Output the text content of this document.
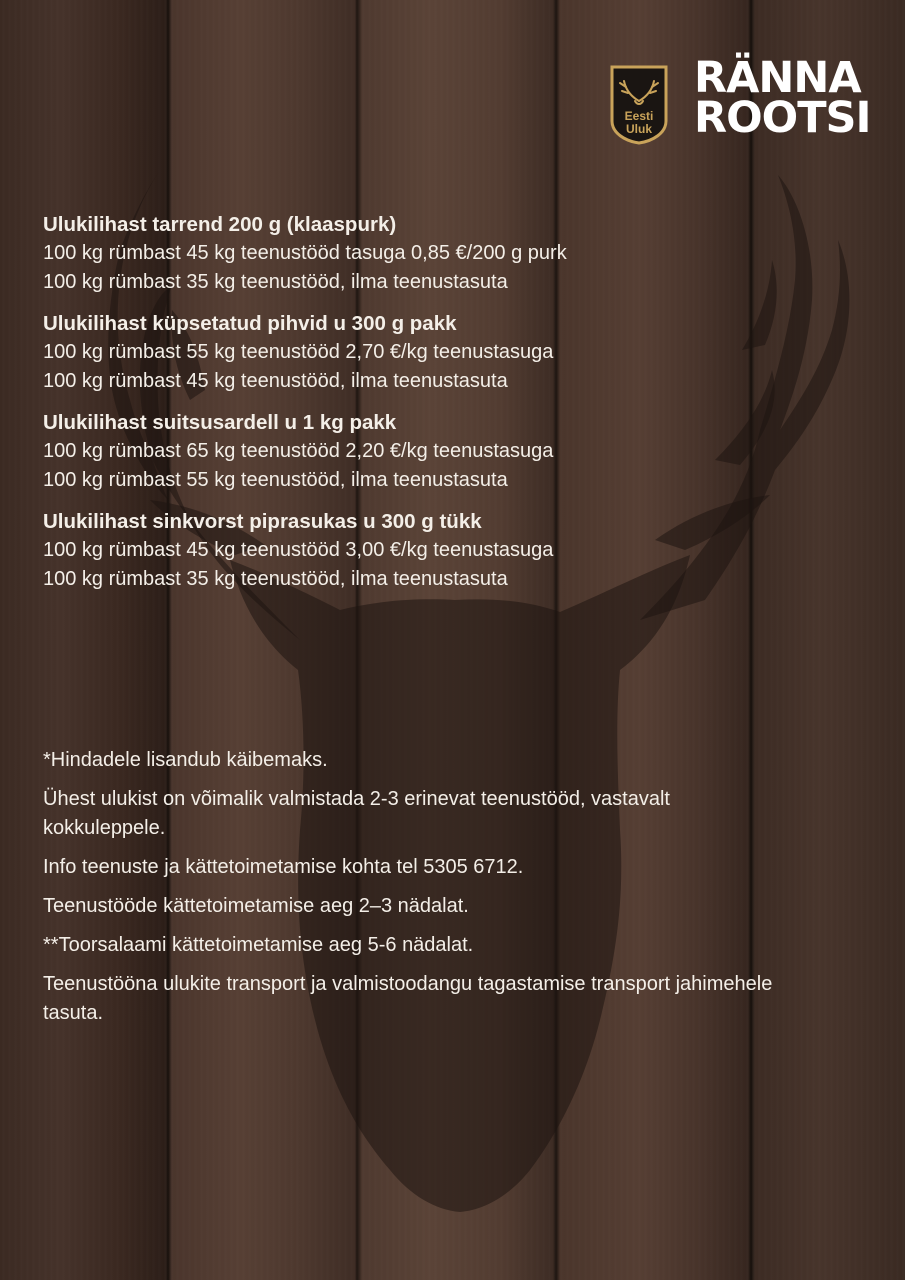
Eesti
Uluk
RÄNNA
ROOTSI
Ulukilihast tarrend 200 g (klaaspurk)
100 kg rümbast 45 kg teenustööd tasuga 0,85 €/200 g purk
100 kg rümbast 35 kg teenustööd, ilma teenustasuta
Ulukilihast küpsetatud pihvid u 300 g pakk
100 kg rümbast 55 kg teenustööd 2,70 €/kg teenustasuga
100 kg rümbast 45 kg teenustööd, ilma teenustasuta
Ulukilihast suitsusardell u 1 kg pakk
100 kg rümbast 65 kg teenustööd 2,20 €/kg teenustasuga
100 kg rümbast 55 kg teenustööd, ilma teenustasuta
Ulukilihast sinkvorst piprasukas u 300 g tükk
100 kg rümbast 45 kg teenustööd 3,00 €/kg teenustasuga
100 kg rümbast 35 kg teenustööd, ilma teenustasuta
*Hindadele lisandub käibemaks.
Ühest ulukist on võimalik valmistada 2-3 erinevat teenustööd, vastavalt kokkuleppele.
Info teenuste ja kättetoimetamise kohta tel 5305 6712.
Teenustööde kättetoimetamise aeg 2–3 nädalat.
**Toorsalaami kättetoimetamise aeg 5-6 nädalat.
Teenustööna ulukite transport ja valmistoodangu tagastamise transport jahimehele tasuta.
